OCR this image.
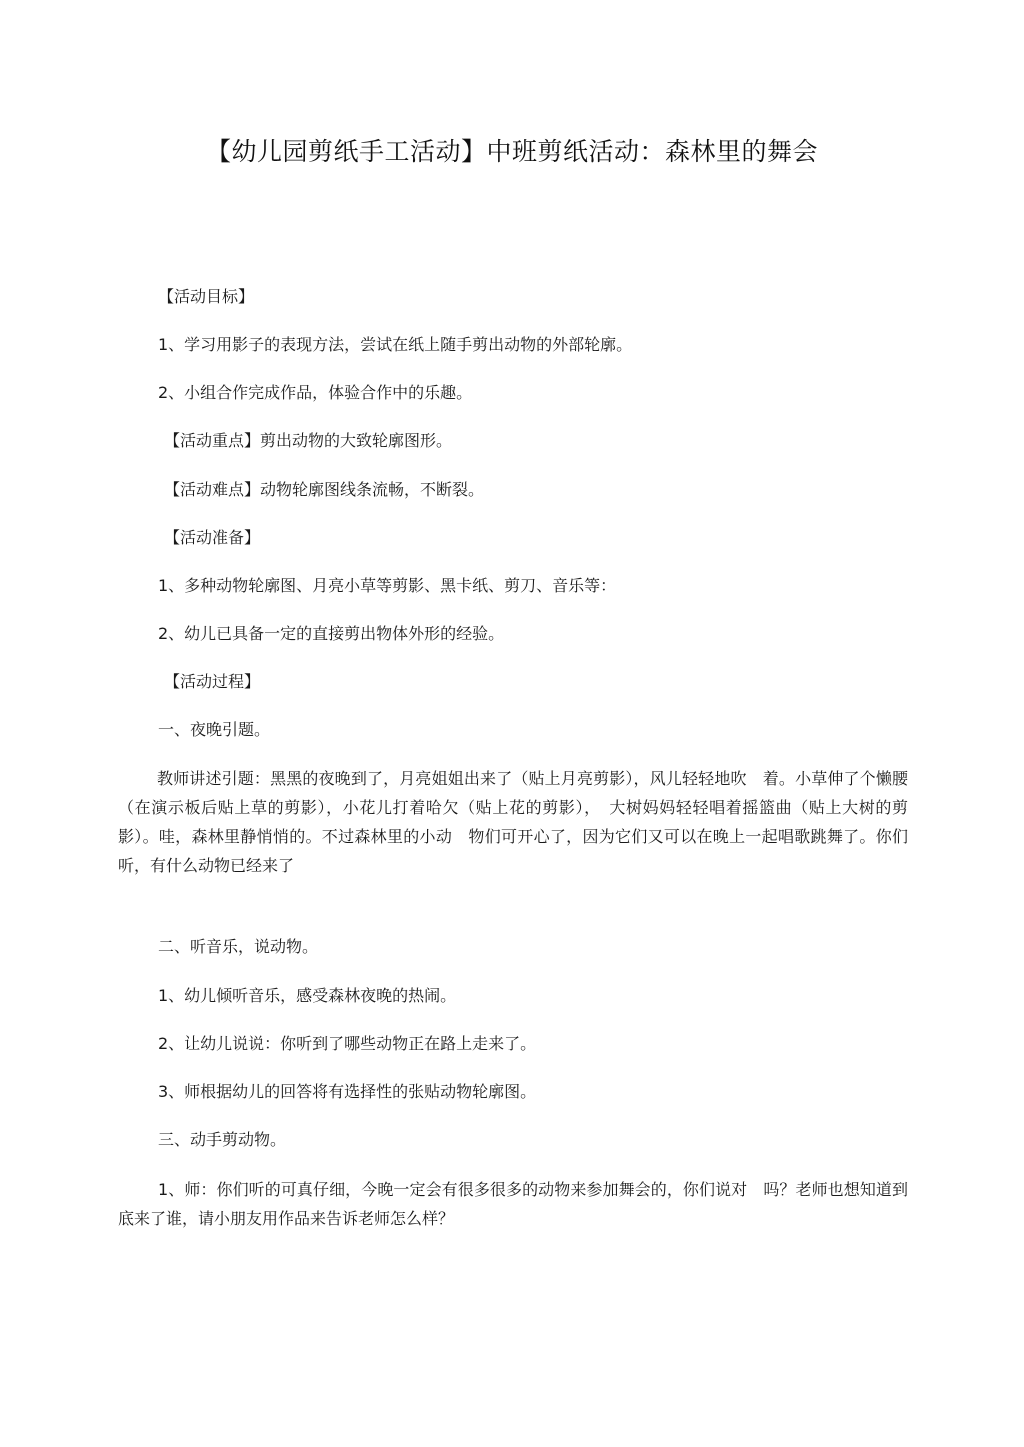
【幼儿园剪纸手工活动】中班剪纸活动：森林里的舞会
【活动目标】
1、学习用影子的表现方法，尝试在纸上随手剪出动物的外部轮廓。
2、小组合作完成作品，体验合作中的乐趣。
【活动重点】剪出动物的大致轮廓图形。
【活动难点】动物轮廓图线条流畅，不断裂。
【活动准备】
1、多种动物轮廓图、月亮小草等剪影、黑卡纸、剪刀、音乐等：
2、幼儿已具备一定的直接剪出物体外形的经验。
【活动过程】
一、夜晚引题。
教师讲述引题：黑黑的夜晚到了，月亮姐姐出来了（贴上月亮剪影），风儿轻轻地吹　着。小草伸了个懒腰（在演示板后贴上草的剪影），小花儿打着哈欠（贴上花的剪影），　大树妈妈轻轻唱着摇篮曲（贴上大树的剪影）。哇，森林里静悄悄的。不过森林里的小动　物们可开心了，因为它们又可以在晚上一起唱歌跳舞了。你们听，有什么动物已经来了
二、听音乐，说动物。
1、幼儿倾听音乐，感受森林夜晚的热闹。
2、让幼儿说说：你听到了哪些动物正在路上走来了。
3、师根据幼儿的回答将有选择性的张贴动物轮廓图。
三、动手剪动物。
1、师：你们听的可真仔细，今晚一定会有很多很多的动物来参加舞会的，你们说对　吗？老师也想知道到底来了谁，请小朋友用作品来告诉老师怎么样？
